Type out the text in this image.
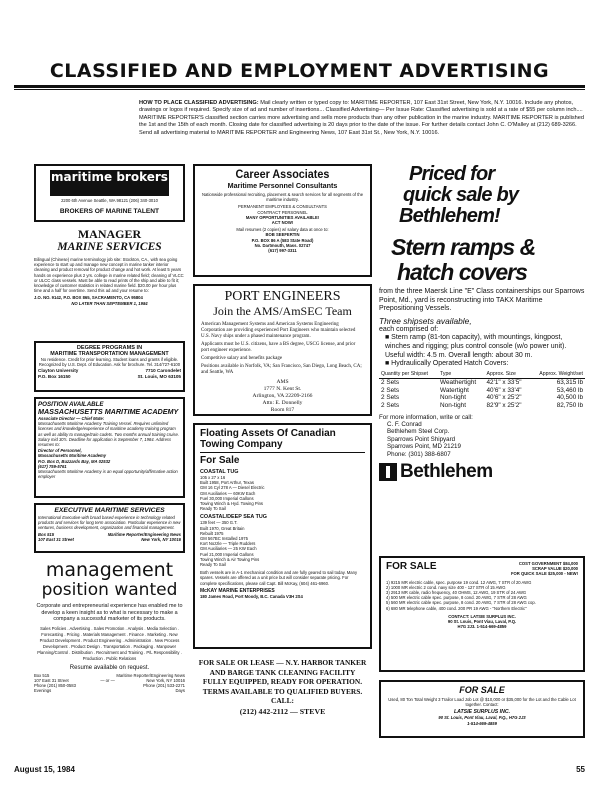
CLASSIFIED AND EMPLOYMENT ADVERTISING
HOW TO PLACE CLASSIFIED ADVERTISING: Mail clearly written or typed copy to: MARITIME REPORTER, 107 East 31st Street, New York, N.Y. 10016. Include any photos, drawings or logos if required. Specify size of ad and number of insertions... Classified Advertising— Per Issue Rate: Classified advertising is sold at a rate of $55 per column inch.... MARITIME REPORTER'S classified section carries more advertising and sells more products than any other publication in the marine industry. MARITIME REPORTER is published the 1st and the 15th of each month. Closing date for classified advertising is 20 days prior to the date of the issue. For further details contact John C. O'Malley at (212) 689-3266. Send all advertising material to MARITIME REPORTER and Engineering News, 107 East 31st St., New York, N.Y. 10016.
maritime brokers
2200 6th Avenue Seattle, WA 98121 (206) 340-3010
BROKERS OF MARINE TALENT
MANAGER
MARINE SERVICES
Bilingual (Chinese) marine terminology job site: Stockton, CA., with sea going experience to start up and manage new concept in marine tanker interior cleaning and product removal for product change and hot work. At least 5 years hands on experience plus 2 yrs. college in marine related field; cleaning of VLCC or ULCC class vessels. Must be able to read prints of the ship and able to fit it; knowledge of customer statistics in related marine field. $20.00 per hour plus time and a half for overtime. Send this ad and your resume to:
J.O. NO. 9142, P.O. BOX 865, SACRAMENTO, CA 95804
NO LATER THAN SEPTEMBER 1, 1984
DEGREE PROGRAMS IN
MARITIME TRANSPORTATION MANAGEMENT
No residence. Credit for prior learning. Student loans and grants if eligible. Recognized by U.S. Dept. of Education. Ask for brochure. Tel. 314/727-6100
Clayton University	7710 Carondelet
P.O. Box 16150	St. Louis, MO 63105
POSITION AVAILABLE
MASSACHUSETTS MARITIME ACADEMY
Associate Director — Chief Mate:
Massachusetts Maritime Academy Training Vessel. Requires unlimited licenses and knowledge/experience of maritime academy training program as well as ability to manage/train cadets. Two months annual training cruise. Salary mid 30's. Deadline for application is September 7, 1984. Address resumes to:
Director of Personnel,
Massachusetts Maritime Academy
P.O. Box D, Buzzards Bay, MA 02532
(617) 759-5761
Massachusetts Maritime Academy is an equal opportunity/affirmative action employer
EXECUTIVE MARITIME SERVICES
International Executive with broad based experience in technology related products and services for long term association. Particular experience in new ventures, business development, organization and financial management.
Box 515	Maritime Reporter/Engineering News
107 East 31 Street	New York, NY 10016
management
position wanted
Corporate and entrepreneurial experience has enabled me to develop a keen insight as to what is necessary to make a company a successful marketer of its products.
Sales Policies . Advertising . Sales Promotion . Analysis . Media Selection . Forecasting . Pricing . Materials Management . Finance . Marketing . New Product Development . Product Engineering . Administration . New Process Development . Product Design . Transportation . Packaging . Manpower Planning/Control . Distribution . Recruitment and Training . P/L Responsibility . Production . Public Relations
Resume available on request.
Box 515	Maritime Reporter/Engineering News
107 East 31 Street	— or —	New York, NY 10016
Phone (201) 850-0583	Phone (201) 533-2271
Evenings	Days
Career Associates
Maritime Personnel Consultants
Nationwide professional recruiting, placement & search services for all segments of the maritime industry.
PERMANENT EMPLOYEES & CONSULTANTS
CONTRACT PERSONNEL
MANY OPPORTUNITIES AVAILABLE!
ACT NOW!
Mail resumes (2 copies) w/ salary data at once to:
BOB SEEFERTIN
P.O. BOX 86 A (583 State Road)
No. Dartmouth, Mass. 02747
(617) 997-3311
PORT ENGINEERS
Join the AMS/AmSEC Team
American Management Systems and American Systems Engineering Corporation are providing experienced Port Engineers who maintain selected U.S. Navy ships under a phased maintenance program.
Applicants must be U.S. citizens, have a BS degree, USCG license, and prior port engineer experience.
Competitive salary and benefits package
Positions available in Norfolk, VA; San Francisco, San Diego, Long Beach, CA; and Seattle, WA
AMS
1777 N. Kent St.
Arlington, VA 22209-2166
Attn: E. Donnelly
Room 817
Floating Assets Of Canadian Towing Company
For Sale
COASTAL TUG
105 x 27 x 16
Built 1958, Port Arthur, Texas
GM 16 Cyl 278 A — Diesel Electric
GM Auxiliaries — 60KW Each
Fuel 30,000 Imperial Gallons
Towing Winch & Hyd. Towing Pins
Ready To Sail
COASTAL/DEEP SEA TUG
139 feet — 350 G.T.
Built 1970, Great Britain
Rebuilt 1975
GM 567BC Installed 1975
Kort Nozzle — Triple Rudders
GM Auxiliaries — 25 KW Each
Fuel 21,000 Imperial Gallons
Towing Winch & Air Towing Pins
Ready To Sail
Both vessels are in A-1 mechanical condition and are fully geared to sail today. Many spares. Vessels are offered as a unit price but will consider separate pricing. For complete specifications, please call Capt. Bill McKay, (604) 461-6960.
McKAY MARINE ENTERPRISES
180 James Road, Port Moody, B.C. Canada V3H 2S4
FOR SALE OR LEASE — N.Y. HARBOR TANKER AND BARGE TANK CLEANING FACILITY FULLY EQUIPPED, READY FOR OPERATION. TERMS AVAILABLE TO QUALIFIED BUYERS. CALL:
(212) 442-2112 — STEVE
Priced for
quick sale by
Bethlehem!
Stern ramps &
hatch covers
from the three Maersk Line "E" Class containerships our Sparrows Point, Md., yard is reconstructing into TAKX Maritime Prepositioning Vessels.
Three shipsets available,
each comprised of:
■ Stern ramp (81-ton capacity), with mountings, kingpost, winches and rigging; plus control console (w/o power unit). Useful width: 4.5 m. Overall length: about 30 m.
■ Hydraulically Operated Hatch Covers:
Quantity per Shipset	Type	Approx. Size	Approx. Weight/set
2 Sets	Weathertight	42'1" x 33'5"	63,315 lb
2 Sets	Watertight	40'6" x 33'4"	53,460 lb
2 Sets	Non-tight	40'6" x 25'2"	40,500 lb
2 Sets	Non-tight	82'9" x 25'2"	82,750 lb
For more information, write or call:
C. F. Conrad
Bethlehem Steel Corp.
Sparrows Point Shipyard
Sparrows Point, MD 21219
Phone: (301) 388-6807
Bethlehem
FOR SALE	COST GOVERNMENT $84,000
SCRAP VALUE $20,000
FOR QUICK SALE $25,000 - NEW!
1) 9215 MR electric cable, spec. purpose 19 cond. 12 AWG, 7 STR of 20 AWG
2) 1000 MR electric 2 cond. navy size 400 - 127 STR of 15 AWG
3) 2913 MR cable, radio frequency, 40 OHMS, 12 AWG, 19 STR of 24 AWG
4) 500 MR electric cable spec. purpose, 8 cond. 20 AWG, 7 STR of 28 AWG
5) 560 MR electric cable spec. purpose, 8 cond. 20 AWG, 7 STR of 28 AWG cop.
6) 680 MR telephone cable, 400 cond. 200 PR 19 AWG - "Northern Electric"
CONTACT: LATSIE SURPLUS INC.
90 St. Louis, Pont Viau, Laval, P.Q.
H7G 2J3. 1-514-669-4859
FOR SALE
Used, 80 Ton Total Weight 3 Trailor Load Job Lot @ $10,000 or $35,000 for the Lot and the Cable Lot together. Contact:
LATSIE SURPLUS INC.
90 St. Louis, Pont Viau, Laval, P.Q., H7G 2J3
1-514-669-4859
August 15, 1984	55
